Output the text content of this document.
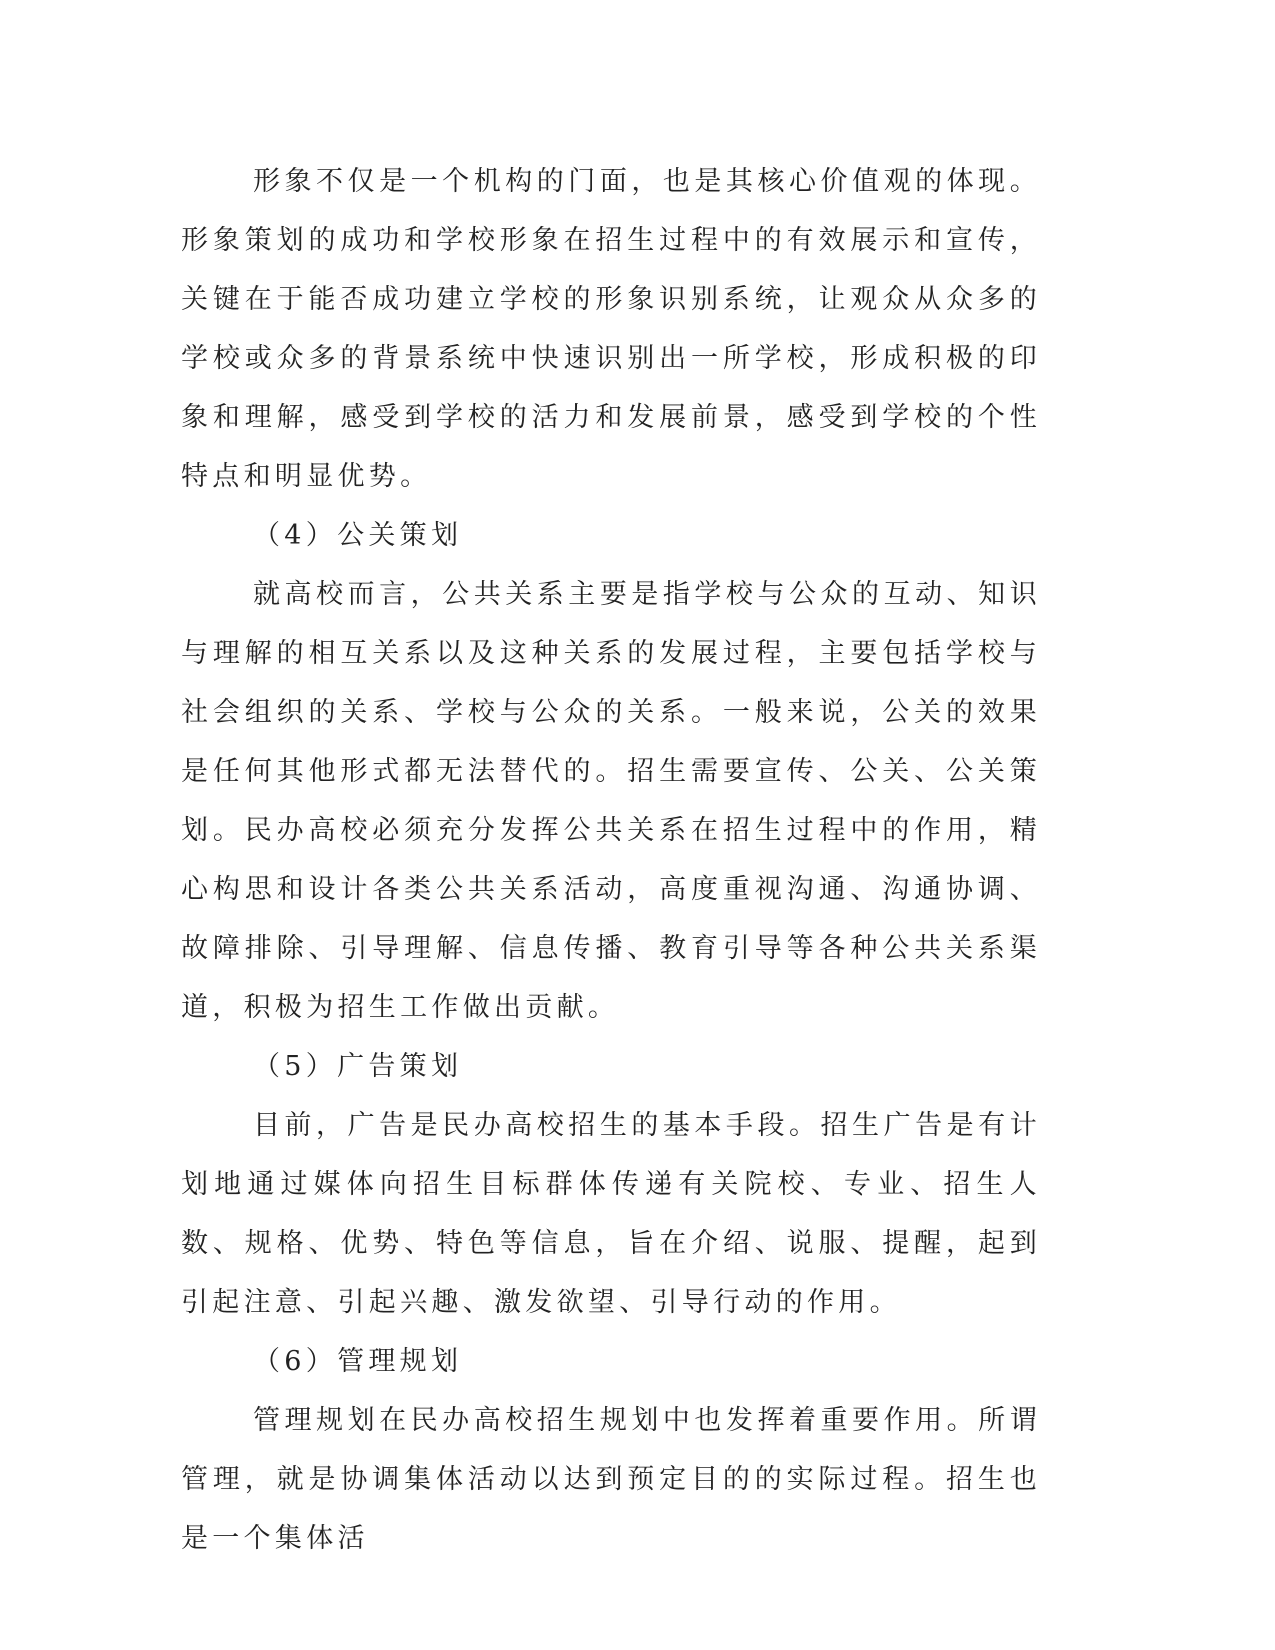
形象不仅是一个机构的门面，也是其核心价值观的体现。形象策划的成功和学校形象在招生过程中的有效展示和宣传，关键在于能否成功建立学校的形象识别系统，让观众从众多的学校或众多的背景系统中快速识别出一所学校，形成积极的印象和理解，感受到学校的活力和发展前景，感受到学校的个性特点和明显优势。

（4）公关策划

就高校而言，公共关系主要是指学校与公众的互动、知识与理解的相互关系以及这种关系的发展过程，主要包括学校与社会组织的关系、学校与公众的关系。一般来说，公关的效果是任何其他形式都无法替代的。招生需要宣传、公关、公关策划。民办高校必须充分发挥公共关系在招生过程中的作用，精心构思和设计各类公共关系活动，高度重视沟通、沟通协调、故障排除、引导理解、信息传播、教育引导等各种公共关系渠道，积极为招生工作做出贡献。

（5）广告策划

目前，广告是民办高校招生的基本手段。招生广告是有计划地通过媒体向招生目标群体传递有关院校、专业、招生人数、规格、优势、特色等信息，旨在介绍、说服、提醒，起到引起注意、引起兴趣、激发欲望、引导行动的作用。

（6）管理规划

管理规划在民办高校招生规划中也发挥着重要作用。所谓管理，就是协调集体活动以达到预定目的的实际过程。招生也是一个集体活
